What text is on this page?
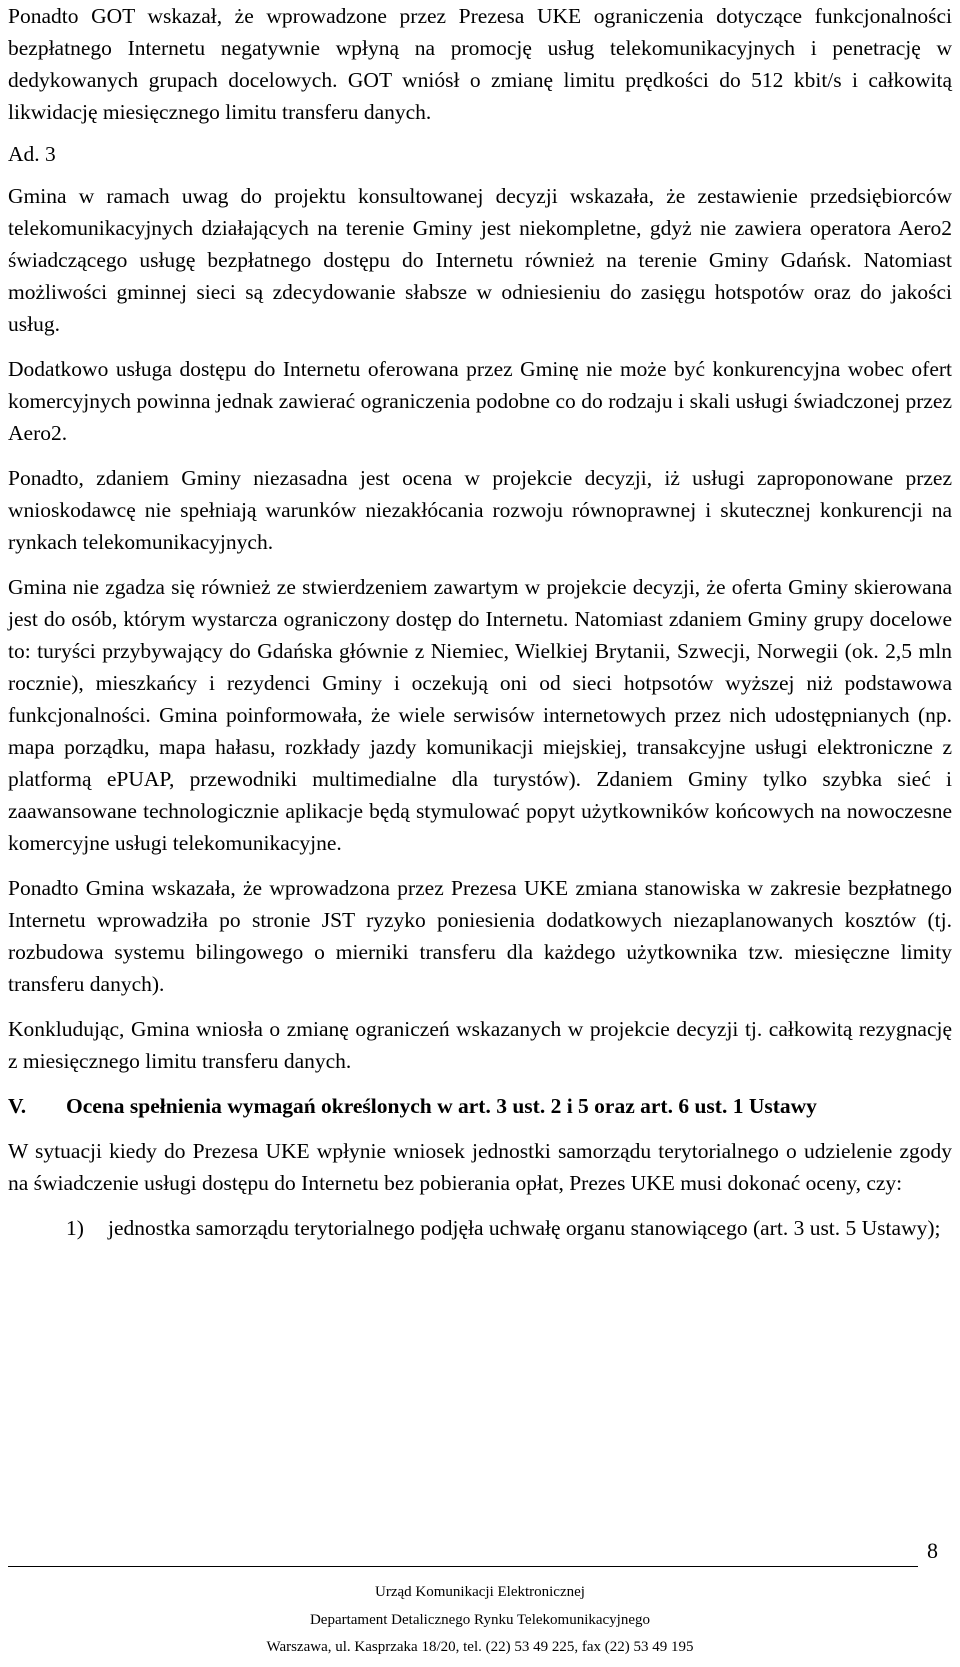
Ponadto GOT wskazał, że wprowadzone przez Prezesa UKE ograniczenia dotyczące funkcjonalności bezpłatnego Internetu negatywnie wpłyną na promocję usług telekomunikacyjnych i penetrację w dedykowanych grupach docelowych. GOT wniósł o zmianę limitu prędkości do 512 kbit/s i całkowitą likwidację miesięcznego limitu transferu danych.

Ad. 3

Gmina w ramach uwag do projektu konsultowanej decyzji wskazała, że zestawienie przedsiębiorców telekomunikacyjnych działających na terenie Gminy jest niekompletne, gdyż nie zawiera operatora Aero2 świadczącego usługę bezpłatnego dostępu do Internetu również na terenie Gminy Gdańsk. Natomiast możliwości gminnej sieci są zdecydowanie słabsze w odniesieniu do zasięgu hotspotów oraz do jakości usług.

Dodatkowo usługa dostępu do Internetu oferowana przez Gminę nie może być konkurencyjna wobec ofert komercyjnych powinna jednak zawierać ograniczenia podobne co do rodzaju i skali usługi świadczonej przez Aero2.

Ponadto, zdaniem Gminy niezasadna jest ocena w projekcie decyzji, iż usługi zaproponowane przez wnioskodawcę nie spełniają warunków niezakłócania rozwoju równoprawnej i skutecznej konkurencji na rynkach telekomunikacyjnych.

Gmina nie zgadza się również ze stwierdzeniem zawartym w projekcie decyzji, że oferta Gminy skierowana jest do osób, którym wystarcza ograniczony dostęp do Internetu. Natomiast zdaniem Gminy grupy docelowe to: turyści przybywający do Gdańska głównie z Niemiec, Wielkiej Brytanii, Szwecji, Norwegii (ok. 2,5 mln rocznie), mieszkańcy i rezydenci Gminy i oczekują oni od sieci hotpsotów wyższej niż podstawowa funkcjonalności. Gmina poinformowała, że wiele serwisów internetowych przez nich udostępnianych (np. mapa porządku, mapa hałasu, rozkłady jazdy komunikacji miejskiej, transakcyjne usługi elektroniczne z platformą ePUAP, przewodniki multimedialne dla turystów). Zdaniem Gminy tylko szybka sieć i zaawansowane technologicznie aplikacje będą stymulować popyt użytkowników końcowych na nowoczesne komercyjne usługi telekomunikacyjne.

Ponadto Gmina wskazała, że wprowadzona przez Prezesa UKE zmiana stanowiska w zakresie bezpłatnego Internetu wprowadziła po stronie JST ryzyko poniesienia dodatkowych niezaplanowanych kosztów (tj. rozbudowa systemu bilingowego o mierniki transferu dla każdego użytkownika tzw. miesięczne limity transferu danych).

Konkludując, Gmina wniosła o zmianę ograniczeń wskazanych w projekcie decyzji tj. całkowitą rezygnację z miesięcznego limitu transferu danych.

V.	Ocena spełnienia wymagań określonych w art. 3 ust. 2 i 5 oraz art. 6 ust. 1 Ustawy

W sytuacji kiedy do Prezesa UKE wpłynie wniosek jednostki samorządu terytorialnego o udzielenie zgody na świadczenie usługi dostępu do Internetu bez pobierania opłat, Prezes UKE musi dokonać oceny, czy:

1)	jednostka samorządu terytorialnego podjęła uchwałę organu stanowiącego (art. 3 ust. 5 Ustawy);
8
Urząd Komunikacji Elektronicznej
Departament Detalicznego Rynku Telekomunikacyjnego
Warszawa, ul. Kasprzaka 18/20, tel. (22) 53 49 225, fax (22) 53 49 195
